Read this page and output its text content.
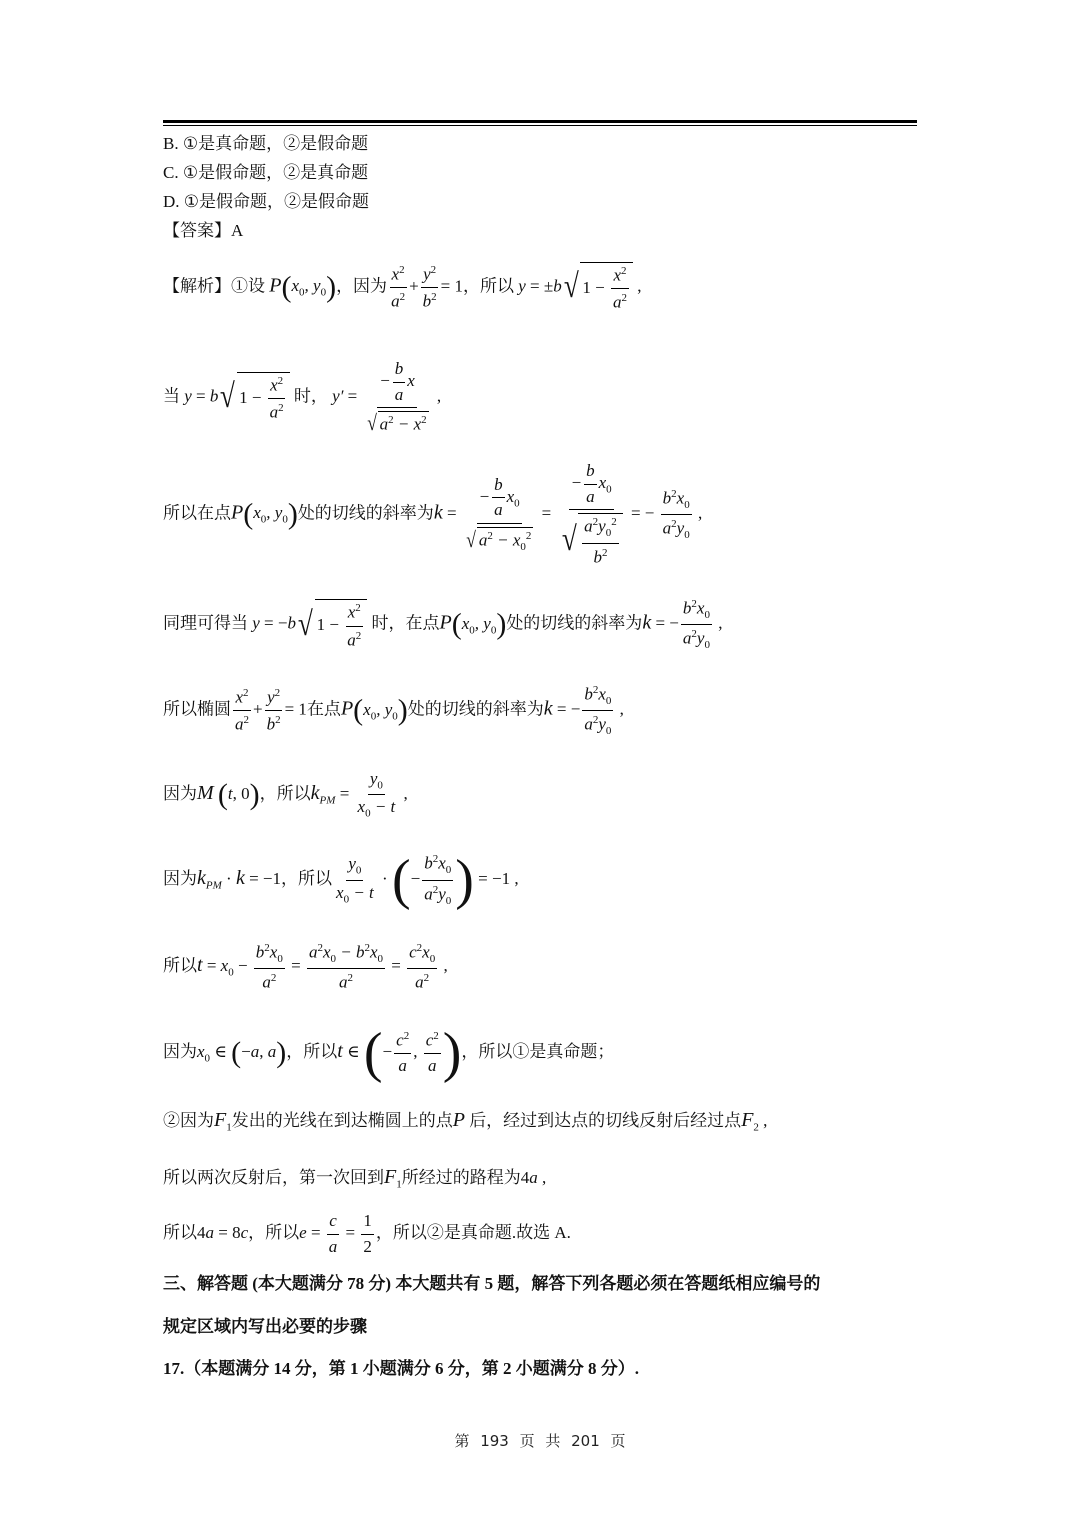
B. ①是真命题，②是假命题
C. ①是假命题，②是真命题
D. ①是假命题，②是假命题
【答案】A
【解析】①设 $P(x_0$, $y_0$)，因为 $\frac{x^2}{a^2} + \frac{y^2}{b^2} = 1$，所以 y = ±b √ $1 - \frac{x^2}{a^2}$ ,
当 y = b √ $1 - \frac{x^2}{a^2}$ 时， $y' = \frac{- \frac{b}{a} x}{√ a^2 - x^2}$ ,
所以在点$P(x_0$, $y_0$)处的切线的斜率为$k = \frac{- \frac{b}{a} x_0}{√ a^2 - x_0^2} = \frac{- \frac{b}{a} x_0}{√ \frac{a^2y_0^2}{b^2}}$ = − $\frac{b^2x_0}{a^2y_0}$ ,
同理可得当 y = −b √ $1 - \frac{x^2}{a^2}$ 时，在点$P(x_0$, $y_0$)处的切线的斜率为k = − $\frac{b^2x_0}{a^2y_0}$ ,
所以椭圆 $\frac{x^2}{a^2} + \frac{y^2}{b^2} = 1$在点$P(x_0$, $y_0$)处的切线的斜率为k = − $\frac{b^2x_0}{a^2y_0}$ ,
因为M (t, 0)，所以$k_{PM} = \frac{y_0}{x_0 - t}$ ,
因为$k_{PM} \cdot k = -1$，所以 $\frac{y_0}{x_0 - t}$ · (− $\frac{b^2x_0}{a^2y_0}$ ) = −1 ,
所以$t = x_0 - \frac{b^2x_0}{a^2} = \frac{a^2x_0 - b^2x_0}{a^2} = \frac{c^2x_0}{a^2}$ ,
因为$x_0$ ∈ (−a, a)，所以t ∈ (− $\frac{c^2}{a}$ , $\frac{c^2}{a}$ )，所以①是真命题；
②因为$F_1$发出的光线在到达椭圆上的点P 后，经过到达点的切线反射后经过点$F_2$ ,
所以两次反射后，第一次回到$F_1$所经过的路程为4a ,
所以4a = 8c，所以$e = \frac{c}{a} = \frac{1}{2}$ ，所以②是真命题.故选 A.
三、解答题 (本大题满分 78 分) 本大题共有 5 题，解答下列各题必须在答题纸相应编号的
规定区域内写出必要的步骤
17.（本题满分 14 分，第 1 小题满分 6 分，第 2 小题满分 8 分）.
第 193 页 共 201 页
